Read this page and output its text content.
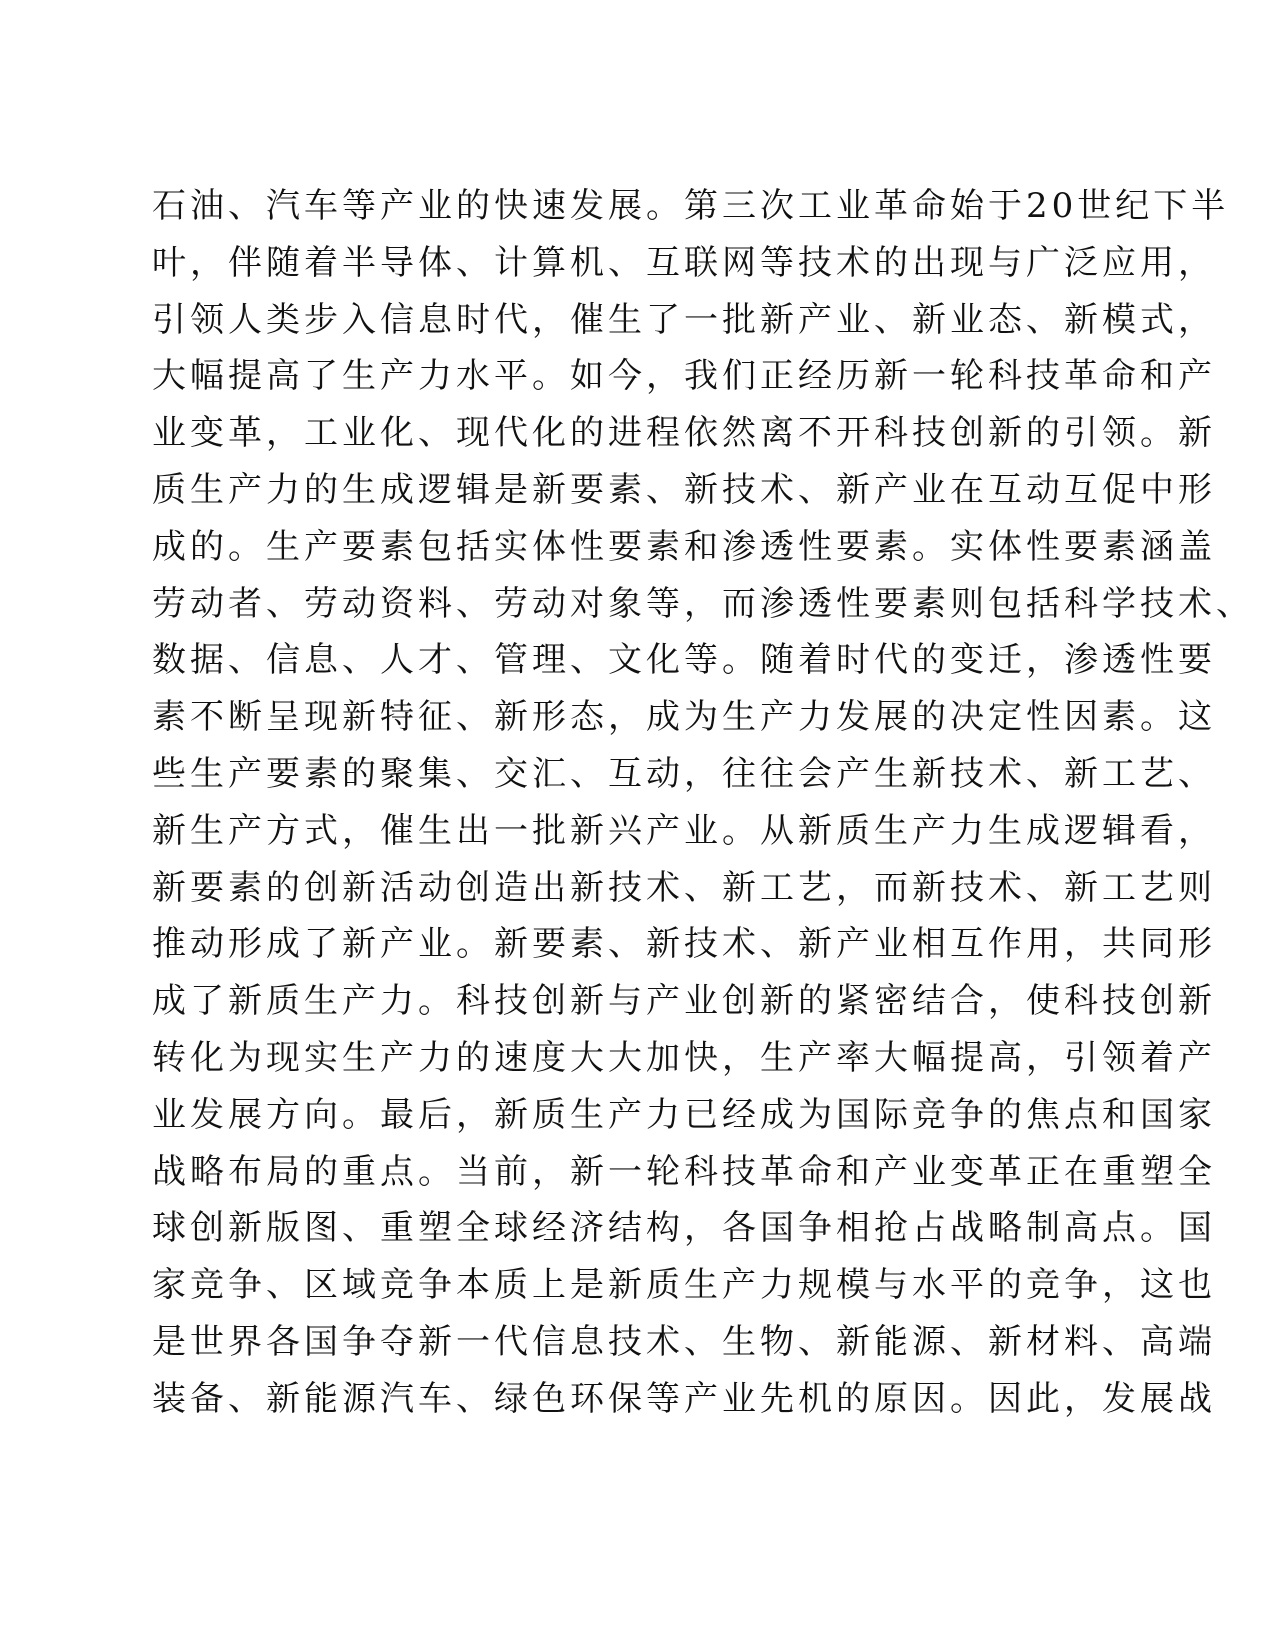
石油、汽车等产业的快速发展。第三次工业革命始于20世纪下半
叶，伴随着半导体、计算机、互联网等技术的出现与广泛应用，
引领人类步入信息时代，催生了一批新产业、新业态、新模式，
大幅提高了生产力水平。如今，我们正经历新一轮科技革命和产
业变革，工业化、现代化的进程依然离不开科技创新的引领。新
质生产力的生成逻辑是新要素、新技术、新产业在互动互促中形
成的。生产要素包括实体性要素和渗透性要素。实体性要素涵盖
劳动者、劳动资料、劳动对象等，而渗透性要素则包括科学技术、
数据、信息、人才、管理、文化等。随着时代的变迁，渗透性要
素不断呈现新特征、新形态，成为生产力发展的决定性因素。这
些生产要素的聚集、交汇、互动，往往会产生新技术、新工艺、
新生产方式，催生出一批新兴产业。从新质生产力生成逻辑看，
新要素的创新活动创造出新技术、新工艺，而新技术、新工艺则
推动形成了新产业。新要素、新技术、新产业相互作用，共同形
成了新质生产力。科技创新与产业创新的紧密结合，使科技创新
转化为现实生产力的速度大大加快，生产率大幅提高，引领着产
业发展方向。最后，新质生产力已经成为国际竞争的焦点和国家
战略布局的重点。当前，新一轮科技革命和产业变革正在重塑全
球创新版图、重塑全球经济结构，各国争相抢占战略制高点。国
家竞争、区域竞争本质上是新质生产力规模与水平的竞争，这也
是世界各国争夺新一代信息技术、生物、新能源、新材料、高端
装备、新能源汽车、绿色环保等产业先机的原因。因此，发展战
